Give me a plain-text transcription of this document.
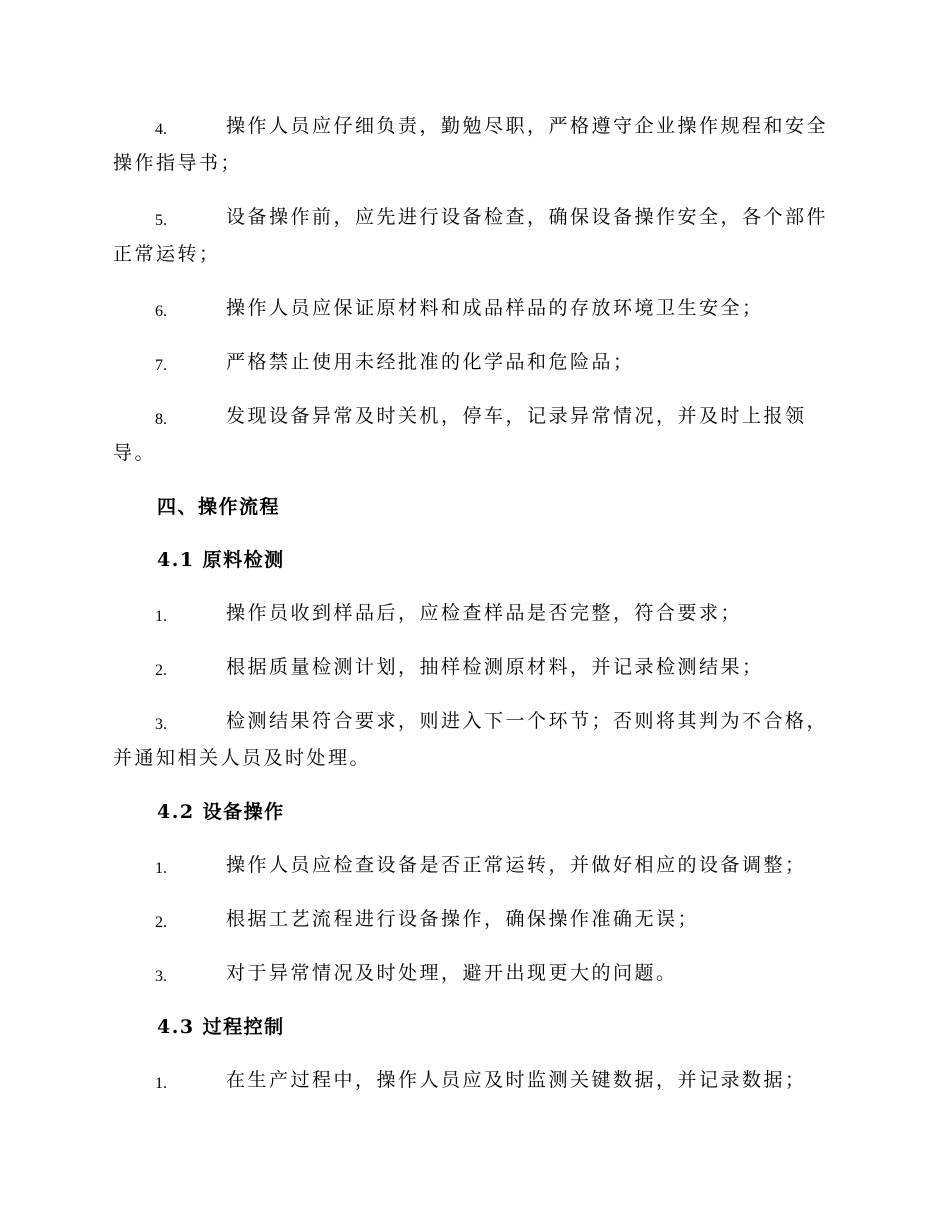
4.	操作人员应仔细负责，勤勉尽职，严格遵守企业操作规程和安全操作指导书；

5.	设备操作前，应先进行设备检查，确保设备操作安全，各个部件正常运转；

6.	操作人员应保证原材料和成品样品的存放环境卫生安全；

7.	严格禁止使用未经批准的化学品和危险品；

8.	发现设备异常及时关机，停车，记录异常情况，并及时上报领导。

四、操作流程
4.1 原料检测
1.	操作员收到样品后，应检查样品是否完整，符合要求；

2.	根据质量检测计划，抽样检测原材料，并记录检测结果；

3.	检测结果符合要求，则进入下一个环节；否则将其判为不合格，并通知相关人员及时处理。

4.2 设备操作
1.	操作人员应检查设备是否正常运转，并做好相应的设备调整；

2.	根据工艺流程进行设备操作，确保操作准确无误；

3.	对于异常情况及时处理，避开出现更大的问题。

4.3 过程控制
1.	在生产过程中，操作人员应及时监测关键数据，并记录数据；
